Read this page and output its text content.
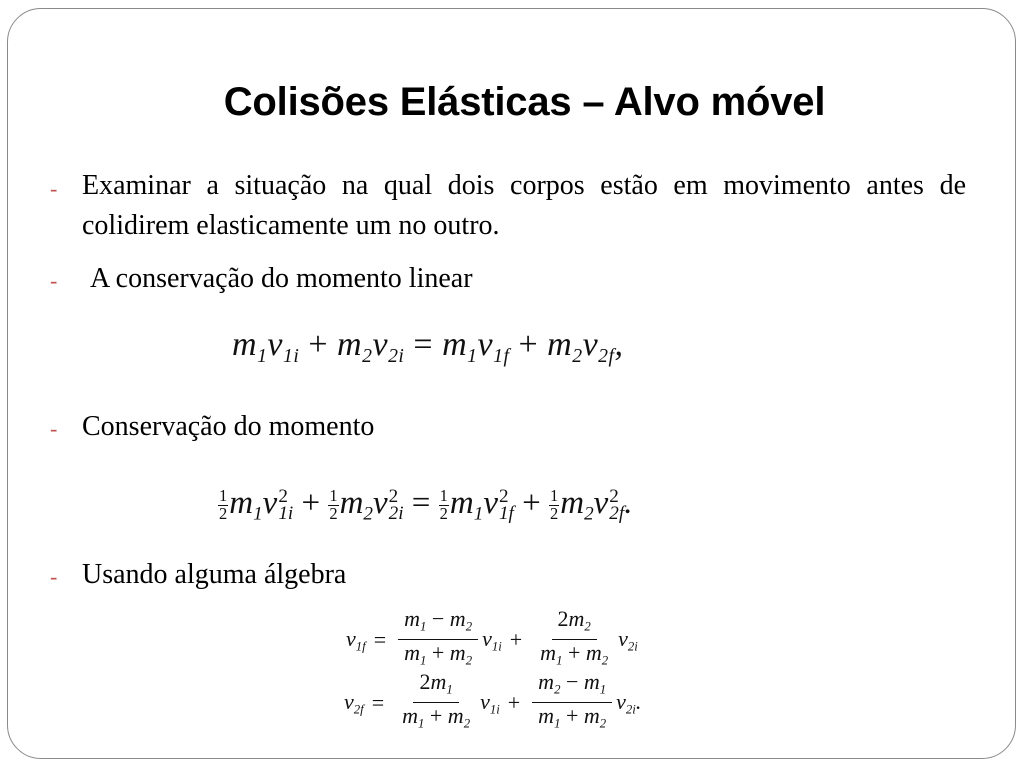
Colisões Elásticas – Alvo móvel
- Examinar a situação na qual dois corpos estão em movimento antes de colidirem elasticamente um no outro.
- A conservação do momento linear
$m_1v_{1i} + m_2v_{2i} = m_1v_{1f} + m_2v_{2f}$,
- Conservação do momento
$\frac{1}{2} m_1v$ 2
$1i + \frac{1}{2} m_2v$ 2
$2i = \frac{1}{2} m_1v$ 2
$1f + \frac{1}{2} m_2v$ 2
2f .
- Usando alguma álgebra
$v_{1f} = \frac{m_1 - m_2}{m_1 + m_2} v_{1i} + \frac{2m_2}{m_1 + m_2} v_{2i}$
$v_{2f} = \frac{2m_1}{m_1 + m_2} v_{1i} + \frac{m_2 - m_1}{m_1 + m_2} v_{2i}$.
